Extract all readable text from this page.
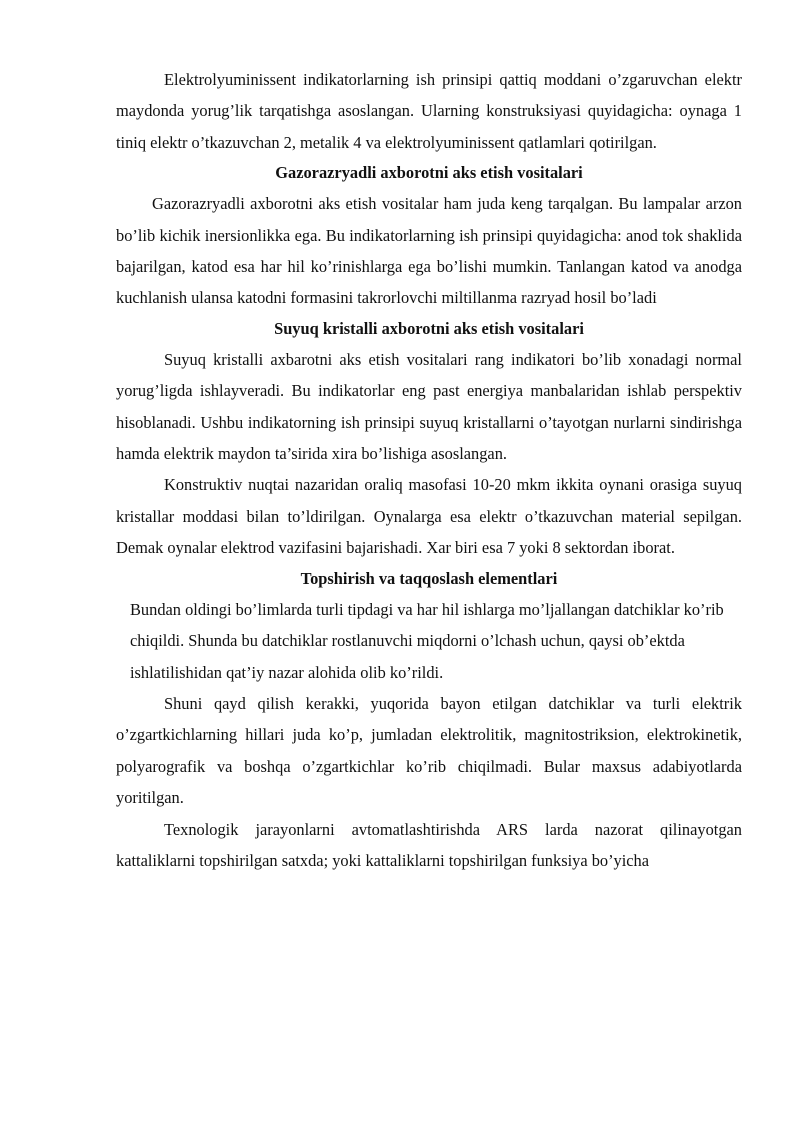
Elektrolyuminissent indikatorlarning ish prinsipi qattiq moddani o’zgaruvchan elektr maydonda yorug’lik tarqatishga asoslangan. Ularning konstruksiyasi quyidagicha: oynaga 1 tiniq elektr o’tkazuvchan 2, metalik 4 va elektrolyuminissent qatlamlari qotirilgan.

Gazorazryadli axborotni aks etish vositalari

Gazorazryadli axborotni aks etish vositalar ham juda keng tarqalgan. Bu lampalar arzon bo’lib kichik inersionlikka ega. Bu indikatorlarning ish prinsipi quyidagicha: anod tok shaklida bajarilgan, katod esa har hil ko’rinishlarga ega bo’lishi mumkin. Tanlangan katod va anodga kuchlanish ulansa katodni formasini takrorlovchi miltillanma razryad hosil bo’ladi

Suyuq kristalli axborotni aks etish vositalari

Suyuq kristalli axbarotni aks etish vositalari rang indikatori bo’lib xonadagi normal yorug’ligda ishlayveradi. Bu indikatorlar eng past energiya manbalaridan ishlab perspektiv hisoblanadi. Ushbu indikatorning ish prinsipi suyuq kristallarni o’tayotgan nurlarni sindirishga hamda elektrik maydon ta’sirida xira bo’lishiga asoslangan.

Konstruktiv nuqtai nazaridan oraliq masofasi 10-20 mkm ikkita oynani orasiga suyuq kristallar moddasi bilan to’ldirilgan. Oynalarga esa elektr o’tkazuvchan material sepilgan. Demak oynalar elektrod vazifasini bajarishadi. Xar biri esa 7 yoki 8 sektordan iborat.

Topshirish va taqqoslash elementlari

Bundan oldingi bo’limlarda turli tipdagi va har hil ishlarga mo’ljallangan datchiklar ko’rib chiqildi. Shunda bu datchiklar rostlanuvchi miqdorni o’lchash uchun, qaysi ob’ektda ishlatilishidan qat’iy nazar alohida olib ko’rildi.

Shuni qayd qilish kerakki, yuqorida bayon etilgan datchiklar va turli elektrik o’zgartkichlarning hillari juda ko’p, jumladan elektrolitik, magnitostriksion, elektrokinetik, polyarografik va boshqa o’zgartkichlar ko’rib chiqilmadi. Bular maxsus adabiyotlarda yoritilgan.

Texnologik jarayonlarni avtomatlashtirishda ARS larda nazorat qilinayotgan kattaliklarni topshirilgan satxda; yoki kattaliklarni topshirilgan funksiya bo’yicha
